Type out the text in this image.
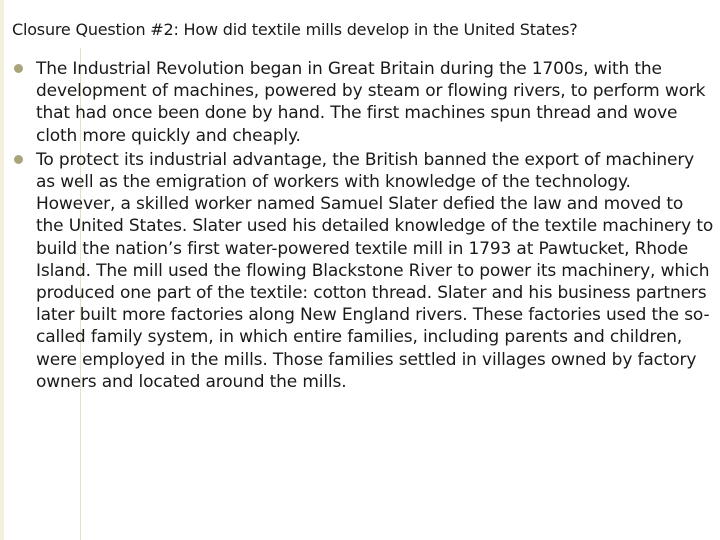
Closure Question #2: How did textile mills develop in the United States?
The Industrial Revolution began in Great Britain during the 1700s, with the development of machines, powered by steam or flowing rivers, to perform work that had once been done by hand. The first machines spun thread and wove cloth more quickly and cheaply.
To protect its industrial advantage, the British banned the export of machinery as well as the emigration of workers with knowledge of the technology. However, a skilled worker named Samuel Slater defied the law and moved to the United States. Slater used his detailed knowledge of the textile machinery to build the nation’s first water-powered textile mill in 1793 at Pawtucket, Rhode Island. The mill used the flowing Blackstone River to power its machinery, which produced one part of the textile: cotton thread. Slater and his business partners later built more factories along New England rivers. These factories used the so-called family system, in which entire families, including parents and children, were employed in the mills. Those families settled in villages owned by factory owners and located around the mills.
